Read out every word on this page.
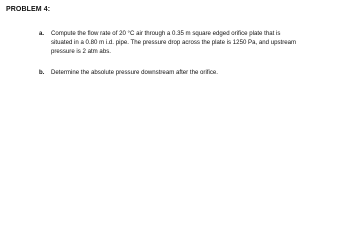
PROBLEM 4:
a. Compute the flow rate of 20 °C air through a 0.35 m square edged orifice plate that is
situated in a 0.80 m i.d. pipe. The pressure drop across the plate is 1250 Pa, and upstream
pressure is 2 atm abs.
b. Determine the absolute pressure downstream after the orifice.
